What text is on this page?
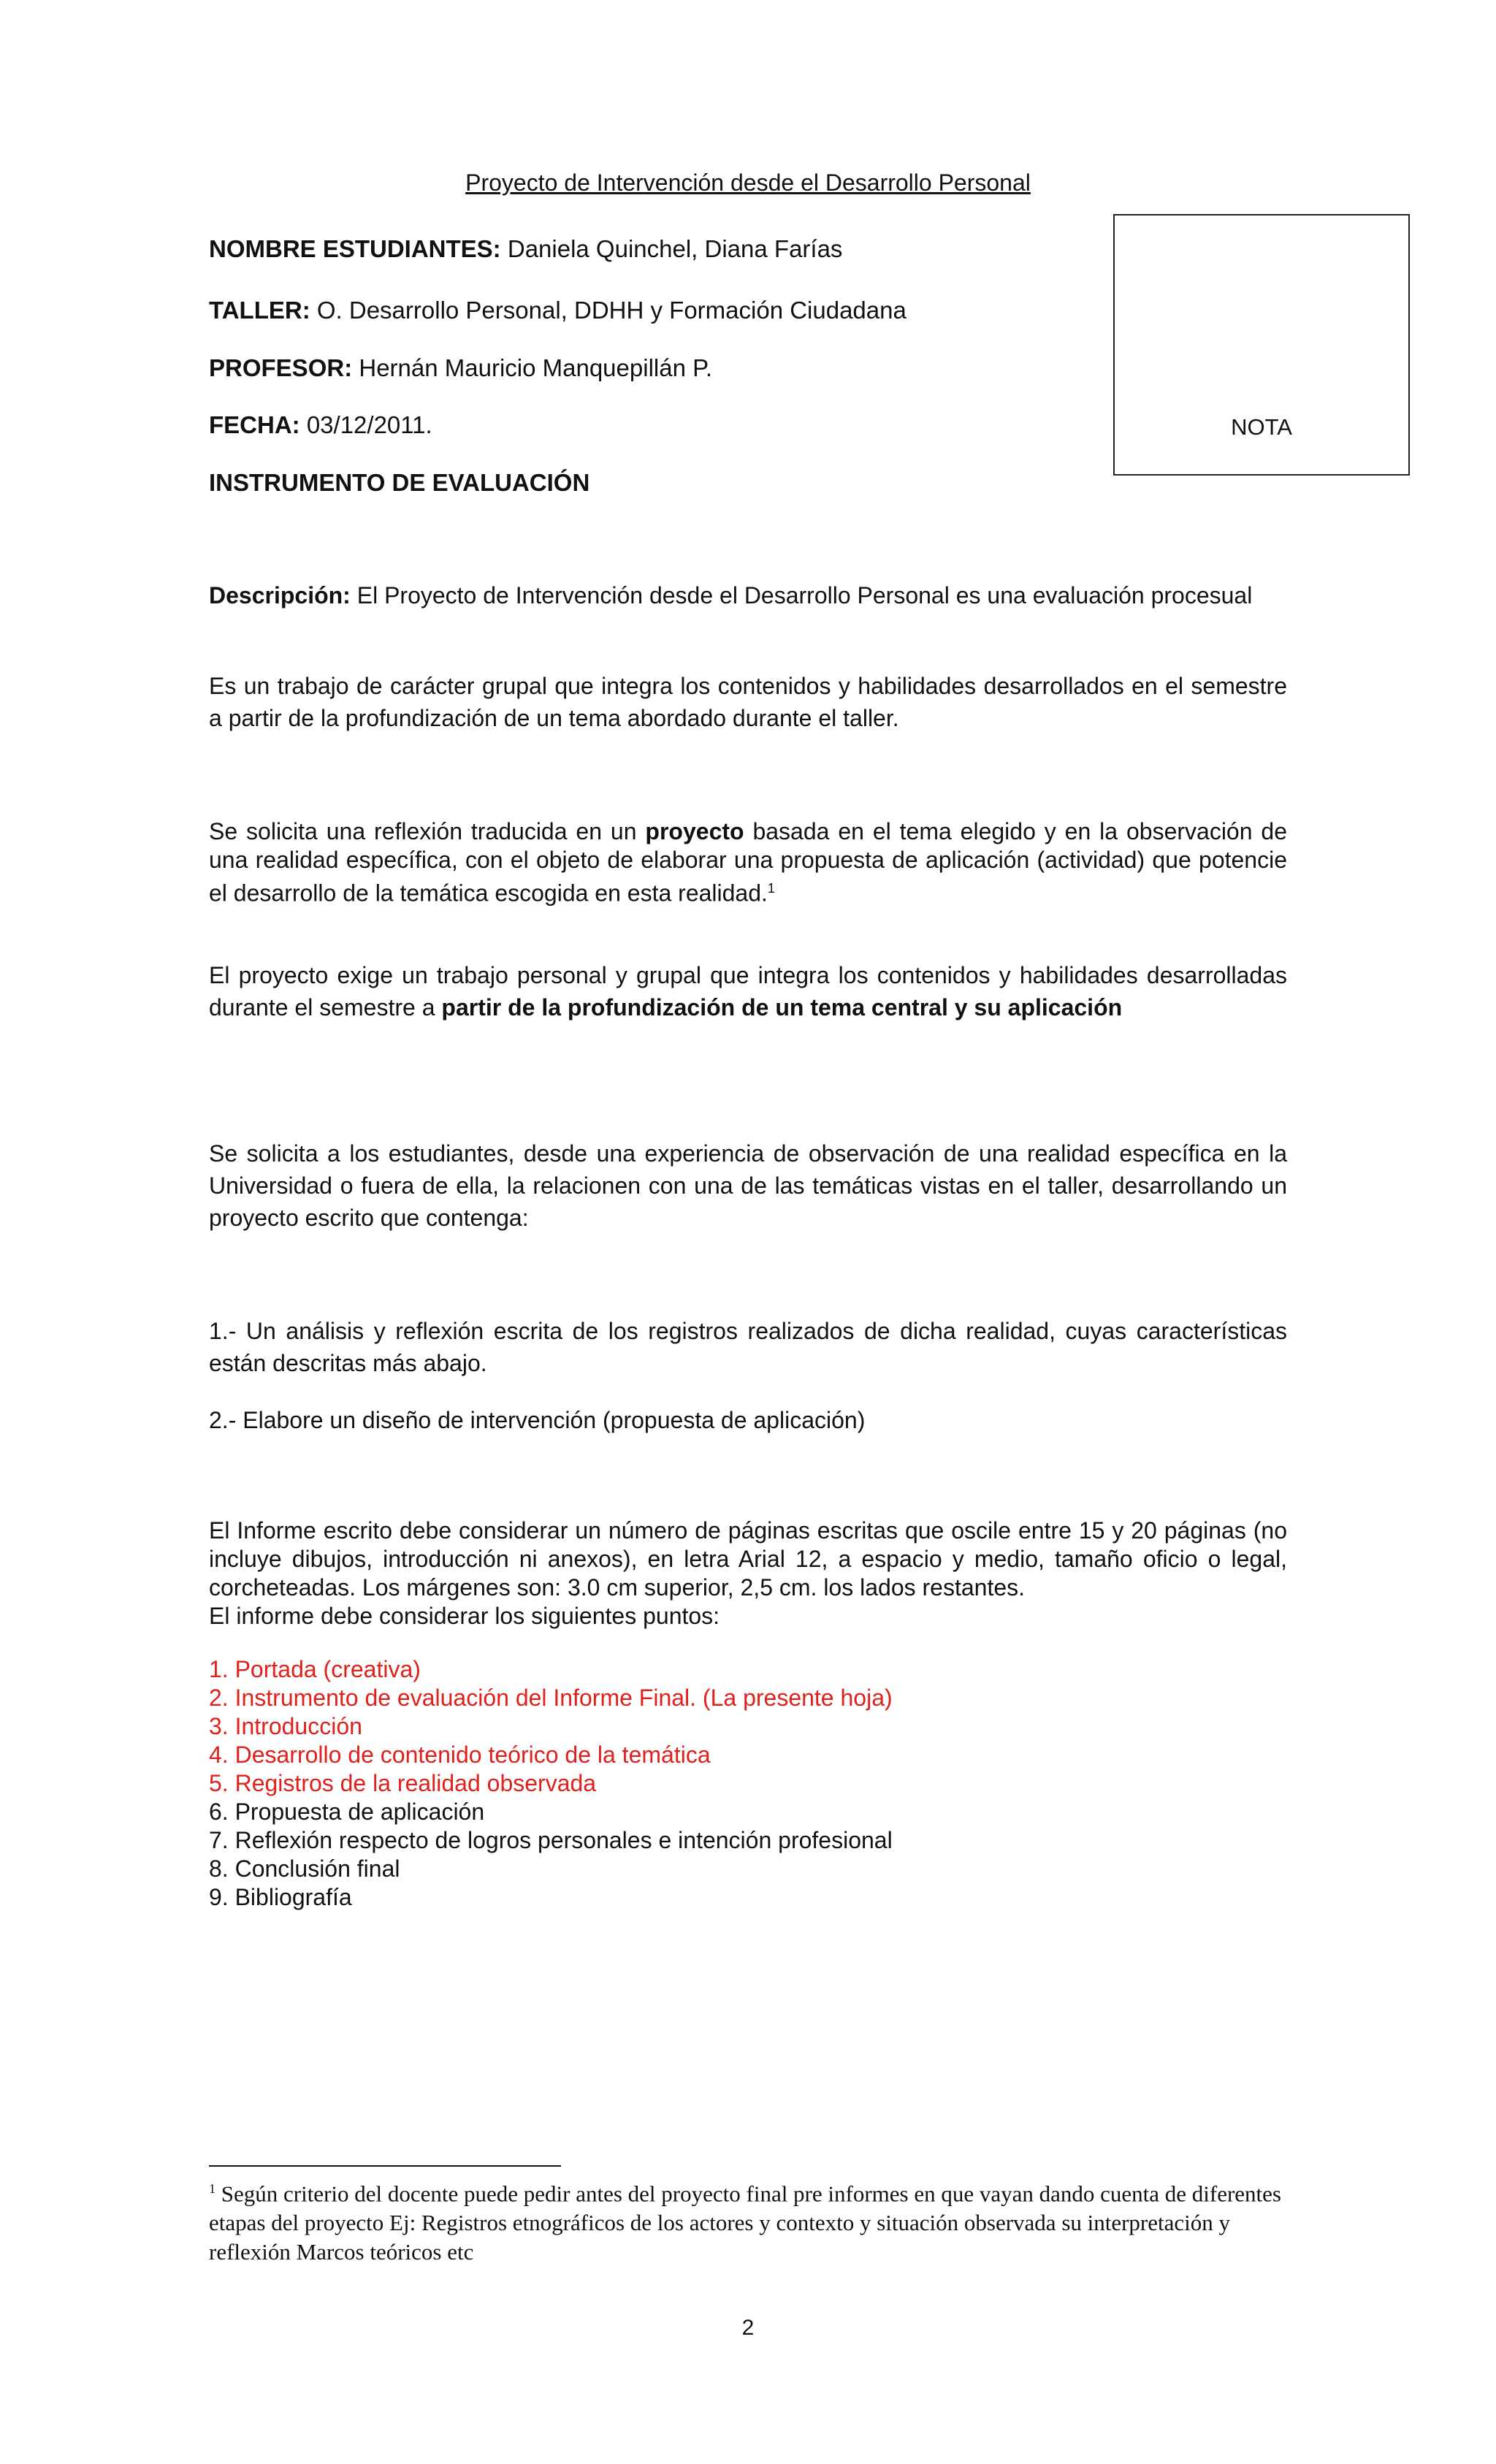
Proyecto de Intervención desde el Desarrollo Personal
NOMBRE ESTUDIANTES: Daniela Quinchel, Diana Farías
TALLER: O. Desarrollo Personal, DDHH y Formación Ciudadana
PROFESOR: Hernán Mauricio Manquepillán P.
FECHA: 03/12/2011.
INSTRUMENTO DE EVALUACIÓN
NOTA
Descripción: El Proyecto de Intervención desde el Desarrollo Personal es una evaluación procesual
Es un trabajo de carácter grupal que integra los contenidos y habilidades desarrollados en el semestre a partir de la profundización de un tema abordado durante el taller.
Se solicita una reflexión traducida en un proyecto basada en el tema elegido y en la observación de una realidad específica, con el objeto de elaborar una propuesta de aplicación (actividad) que potencie el desarrollo de la temática escogida en esta realidad.$^1$
El proyecto exige un trabajo personal y grupal que integra los contenidos y habilidades desarrolladas durante el semestre a partir de la profundización de un tema central y su aplicación
Se solicita a los estudiantes, desde una experiencia de observación de una realidad específica en la Universidad o fuera de ella, la relacionen con una de las temáticas vistas en el taller, desarrollando un proyecto escrito que contenga:
1.- Un análisis y reflexión escrita de los registros realizados de dicha realidad, cuyas características están descritas más abajo.
2.- Elabore un diseño de intervención (propuesta de aplicación)
El Informe escrito debe considerar un número de páginas escritas que oscile entre 15 y 20 páginas (no incluye dibujos, introducción ni anexos), en letra Arial 12, a espacio y medio, tamaño oficio o legal, corcheteadas. Los márgenes son: 3.0 cm superior, 2,5 cm. los lados restantes.
El informe debe considerar los siguientes puntos:
1. Portada (creativa)
2. Instrumento de evaluación del Informe Final. (La presente hoja)
3. Introducción
4. Desarrollo de contenido teórico de la temática
5. Registros de la realidad observada
6. Propuesta de aplicación
7. Reflexión respecto de logros personales e intención profesional
8. Conclusión final
9. Bibliografía
$^1$ Según criterio del docente puede pedir antes del proyecto final pre informes en que vayan dando cuenta de diferentes etapas del proyecto Ej: Registros etnográficos de los actores y contexto y situación observada su interpretación y reflexión Marcos teóricos etc
2
